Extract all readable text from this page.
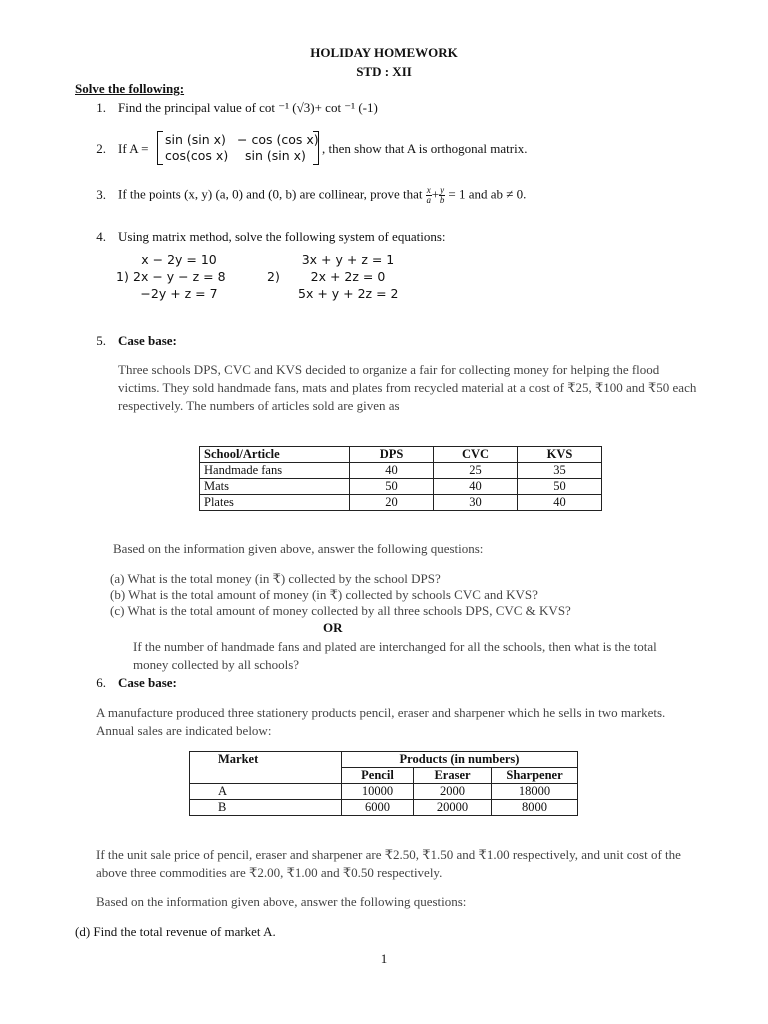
HOLIDAY HOMEWORK
STD : XII
Solve the following:
1. Find the principal value of cot ⁻¹ (√3)+ cot ⁻¹ (-1)
2. If A =
sin (sin x) − cos (cos x)
cos(cos x) sin (sin x) , then show that A is orthogonal matrix.
3. If the points (x, y) (a, 0) and (0, b) are collinear, prove that $\frac{x}{a} + \frac{y}{b} = 1$ and ab ≠ 0.
4. Using matrix method, solve the following system of equations:
1)
x − 2y = 10
2x − y − z = 8
−2y + z = 7
2)
3x + y + z = 1
2x + 2z = 0
5x + y + 2z = 2
5. Case base:
Three schools DPS, CVC and KVS decided to organize a fair for collecting money for helping the flood victims. They sold handmade fans, mats and plates from recycled material at a cost of ₹25, ₹100 and ₹50 each respectively. The numbers of articles sold are given as
School/Article	DPS	CVC	KVS
Handmade fans	40	25	35
Mats	50	40	50
Plates	20	30	40
Based on the information given above, answer the following questions:
(a) What is the total money (in ₹) collected by the school DPS?
(b) What is the total amount of money (in ₹) collected by schools CVC and KVS?
(c) What is the total amount of money collected by all three schools DPS, CVC & KVS?
OR
If the number of handmade fans and plated are interchanged for all the schools, then what is the total money collected by all schools?
6. Case base:
A manufacture produced three stationery products pencil, eraser and sharpener which he sells in two markets. Annual sales are indicated below:
Market	Products (in numbers)		
	Pencil	Eraser	Sharpener
A	10000	2000	18000
B	6000	20000	8000
If the unit sale price of pencil, eraser and sharpener are ₹2.50, ₹1.50 and ₹1.00 respectively, and unit cost of the above three commodities are ₹2.00, ₹1.00 and ₹0.50 respectively.
Based on the information given above, answer the following questions:
(d) Find the total revenue of market A.
1
